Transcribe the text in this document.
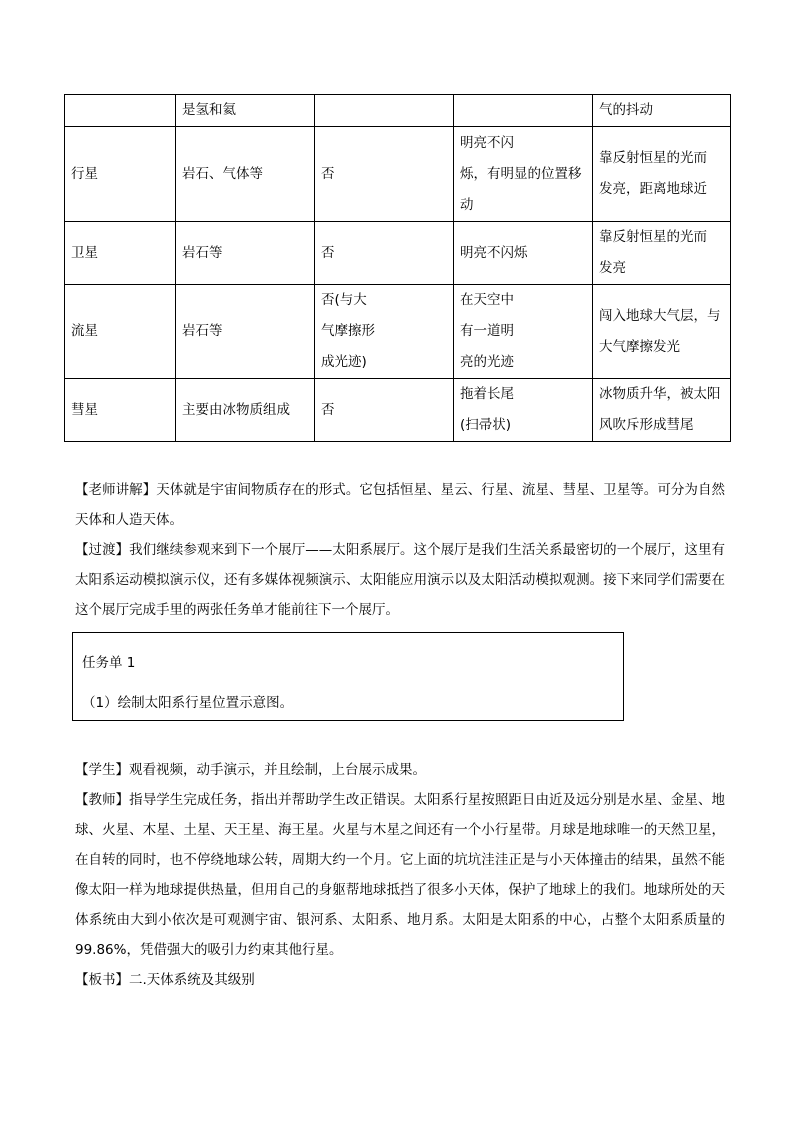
	是氢和氦			气的抖动

行星	岩石、气体等	否	明亮不闪
烁，有明显的位置移
动	靠反射恒星的光而
发亮，距离地球近

卫星	岩石等	否	明亮不闪烁	靠反射恒星的光而
发亮

流星	岩石等	否(与大
气摩擦形
成光迹)	在天空中
有一道明
亮的光迹	闯入地球大气层，与
大气摩擦发光

彗星	主要由冰物质组成	否	拖着长尾
(扫帚状)	冰物质升华，被太阳
风吹斥形成彗尾
【老师讲解】天体就是宇宙间物质存在的形式。它包括恒星、星云、行星、流星、彗星、卫星等。可分为自然天体和人造天体。
【过渡】我们继续参观来到下一个展厅——太阳系展厅。这个展厅是我们生活关系最密切的一个展厅，这里有太阳系运动模拟演示仪，还有多媒体视频演示、太阳能应用演示以及太阳活动模拟观测。接下来同学们需要在这个展厅完成手里的两张任务单才能前往下一个展厅。
任务单 1
（1）绘制太阳系行星位置示意图。
【学生】观看视频，动手演示，并且绘制，上台展示成果。
【教师】指导学生完成任务，指出并帮助学生改正错误。太阳系行星按照距日由近及远分别是水星、金星、地球、火星、木星、土星、天王星、海王星。火星与木星之间还有一个小行星带。月球是地球唯一的天然卫星，在自转的同时，也不停绕地球公转，周期大约一个月。它上面的坑坑洼洼正是与小天体撞击的结果，虽然不能像太阳一样为地球提供热量，但用自己的身躯帮地球抵挡了很多小天体，保护了地球上的我们。地球所处的天体系统由大到小依次是可观测宇宙、银河系、太阳系、地月系。太阳是太阳系的中心，占整个太阳系质量的99.86%，凭借强大的吸引力约束其他行星。
【板书】二.天体系统及其级别
